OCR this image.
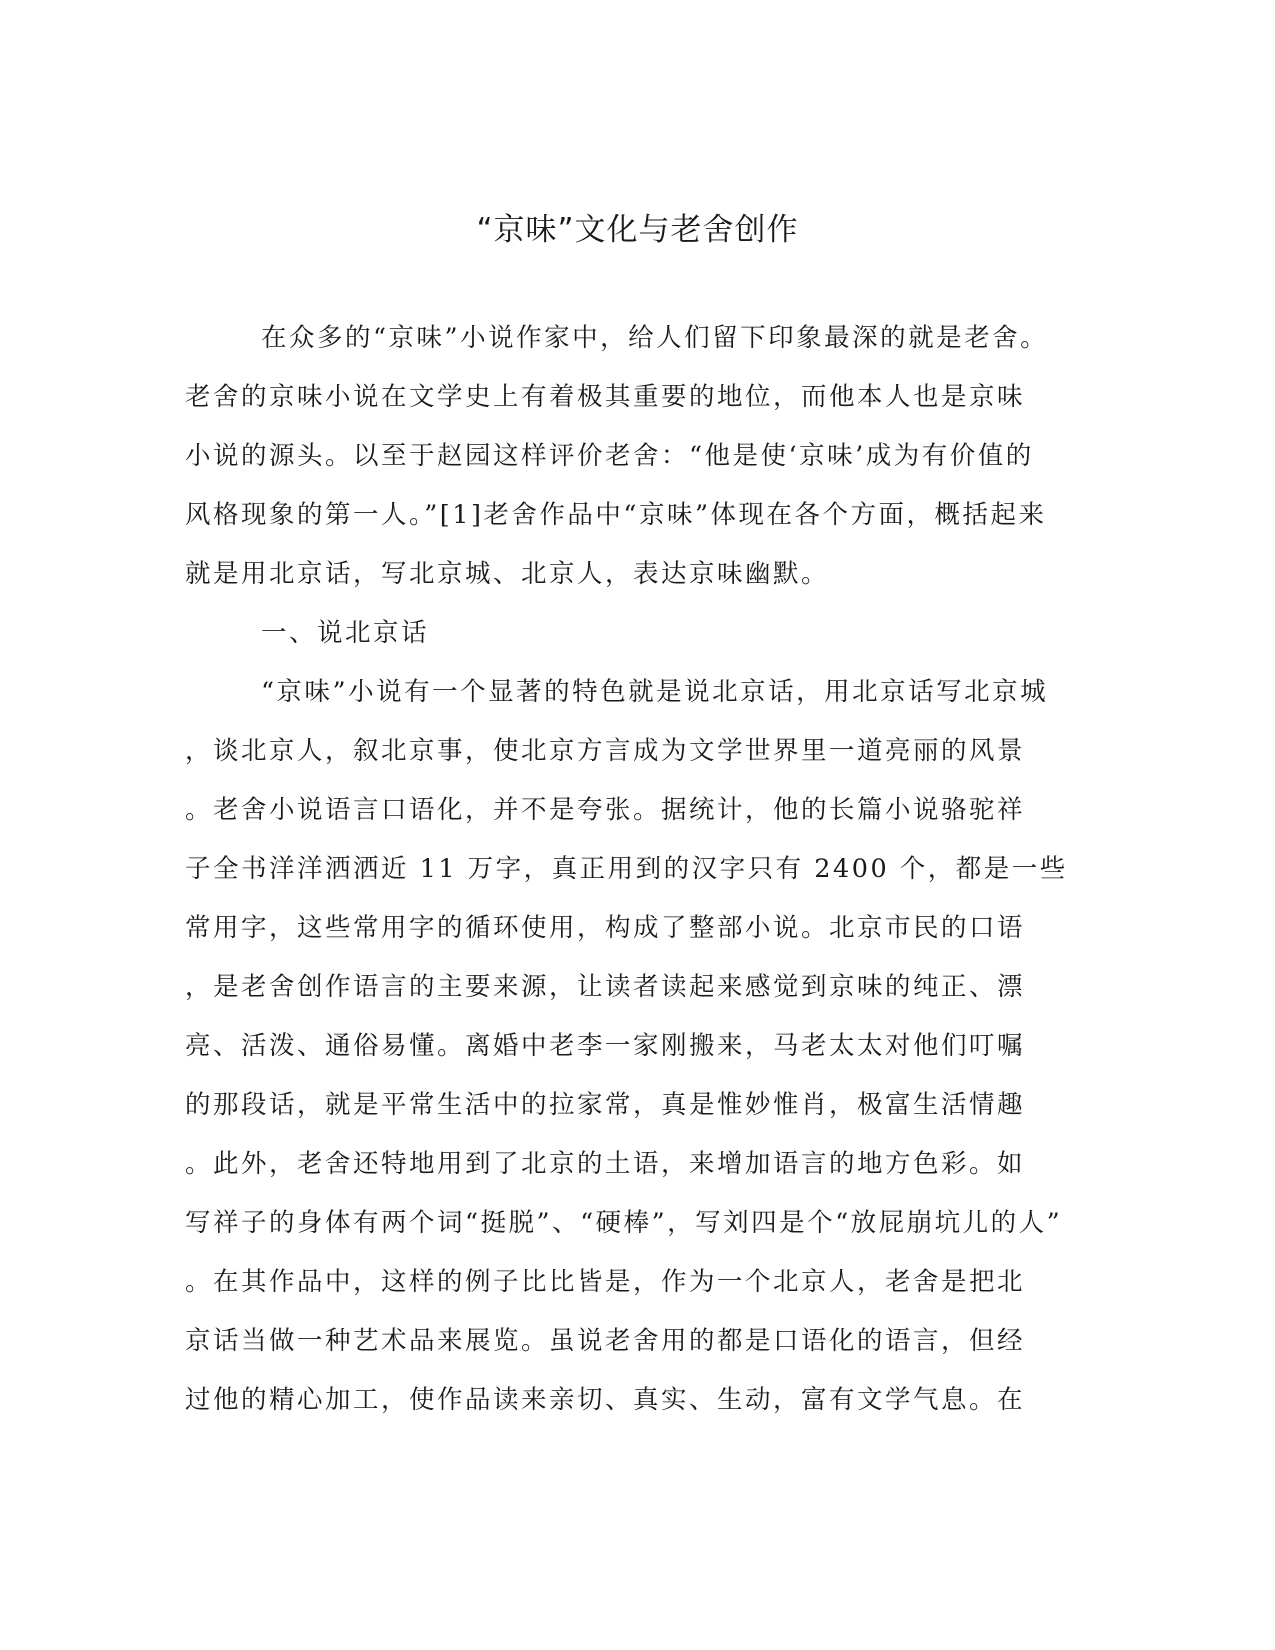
“京味”文化与老舍创作
在众多的“京味”小说作家中，给人们留下印象最深的就是老舍。
老舍的京味小说在文学史上有着极其重要的地位，而他本人也是京味
小说的源头。以至于赵园这样评价老舍：“他是使‘京味’成为有价值的
风格现象的第一人。”[1]老舍作品中“京味”体现在各个方面，概括起来
就是用北京话，写北京城、北京人，表达京味幽默。
一、说北京话
“京味”小说有一个显著的特色就是说北京话，用北京话写北京城
，谈北京人，叙北京事，使北京方言成为文学世界里一道亮丽的风景
。老舍小说语言口语化，并不是夸张。据统计，他的长篇小说骆驼祥
子全书洋洋洒洒近 11 万字，真正用到的汉字只有 2400 个，都是一些
常用字，这些常用字的循环使用，构成了整部小说。北京市民的口语
，是老舍创作语言的主要来源，让读者读起来感觉到京味的纯正、漂
亮、活泼、通俗易懂。离婚中老李一家刚搬来，马老太太对他们叮嘱
的那段话，就是平常生活中的拉家常，真是惟妙惟肖，极富生活情趣
。此外，老舍还特地用到了北京的土语，来增加语言的地方色彩。如
写祥子的身体有两个词“挺脱”、“硬棒”，写刘四是个“放屁崩坑儿的人”
。在其作品中，这样的例子比比皆是，作为一个北京人，老舍是把北
京话当做一种艺术品来展览。虽说老舍用的都是口语化的语言，但经
过他的精心加工，使作品读来亲切、真实、生动，富有文学气息。在
